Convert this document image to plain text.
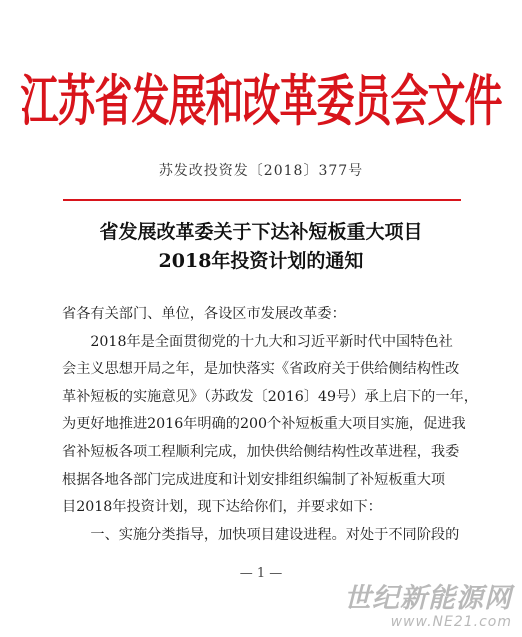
江苏省发展和改革委员会文件
苏发改投资发〔2018〕377号
省发展改革委关于下达补短板重大项目
2018年投资计划的通知
省各有关部门、单位，各设区市发展改革委：
　　2018年是全面贯彻党的十九大和习近平新时代中国特色社
会主义思想开局之年，是加快落实《省政府关于供给侧结构性改
革补短板的实施意见》（苏政发〔2016〕49号）承上启下的一年，
为更好地推进2016年明确的200个补短板重大项目实施，促进我
省补短板各项工程顺利完成，加快供给侧结构性改革进程，我委
根据各地各部门完成进度和计划安排组织编制了补短板重大项
目2018年投资计划，现下达给你们，并要求如下：
　　一、实施分类指导，加快项目建设进程。对处于不同阶段的
— 1 —
世纪新能源网
www.NE21.com
